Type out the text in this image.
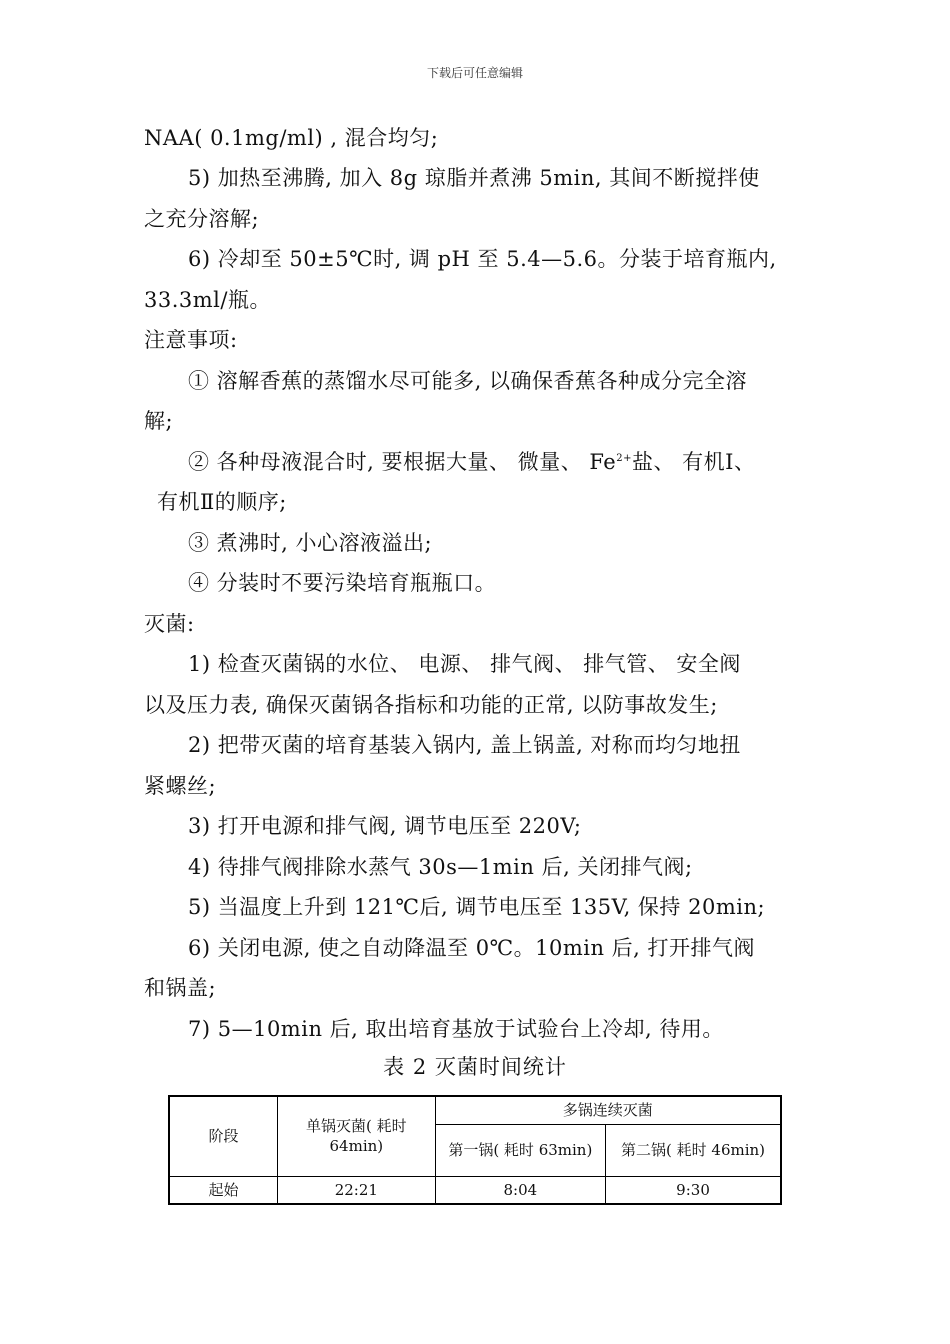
下载后可任意编辑
NAA( 0.1mg/ml) , 混合均匀;
5) 加热至沸腾, 加入 8g 琼脂并煮沸 5min, 其间不断搅拌使
之充分溶解;
6) 冷却至 50±5℃时, 调 pH 至 5.4—5.6。分装于培育瓶内,
33.3ml/瓶。
注意事项:
① 溶解香蕉的蒸馏水尽可能多, 以确保香蕉各种成分完全溶
解;
② 各种母液混合时, 要根据大量、 微量、 $Fe^{2+}$盐、 有机Ⅰ、
有机Ⅱ的顺序;
③ 煮沸时, 小心溶液溢出;
④ 分装时不要污染培育瓶瓶口。
灭菌:
1) 检查灭菌锅的水位、 电源、 排气阀、 排气管、 安全阀
以及压力表, 确保灭菌锅各指标和功能的正常, 以防事故发生;
2) 把带灭菌的培育基装入锅内, 盖上锅盖, 对称而均匀地扭
紧螺丝;
3) 打开电源和排气阀, 调节电压至 220V;
4) 待排气阀排除水蒸气 30s—1min 后, 关闭排气阀;
5) 当温度上升到 121℃后, 调节电压至 135V, 保持 20min;
6) 关闭电源, 使之自动降温至 0℃。10min 后, 打开排气阀
和锅盖;
7) 5—10min 后, 取出培育基放于试验台上冷却, 待用。
表 2 灭菌时间统计
阶段	单锅灭菌( 耗时 64min)	多锅连续灭菌	
		第一锅( 耗时 63min)	第二锅( 耗时 46min)
起始	22:21	8:04	9:30
